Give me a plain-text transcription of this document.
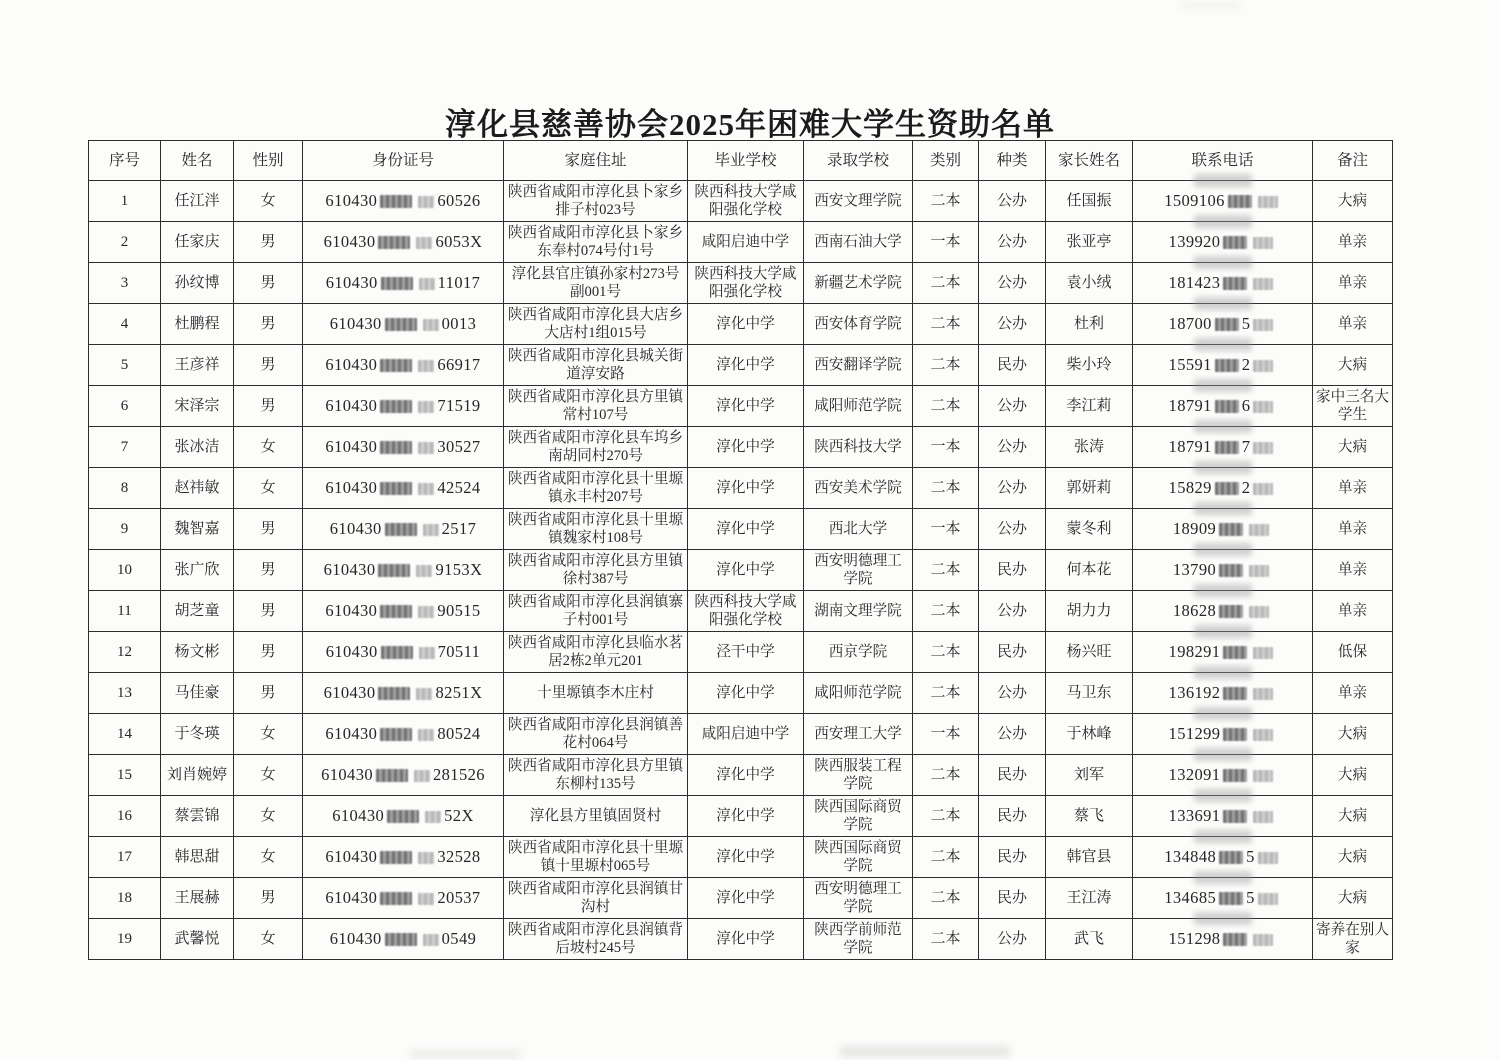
淳化县慈善协会2025年困难大学生资助名单
序号	姓名	性别	身份证号	家庭住址	毕业学校	录取学校	类别	种类	家长姓名	联系电话	备注
1	任江泮	女	610430 60526	陕西省咸阳市淳化县卜家乡排子村023号	陕西科技大学咸阳强化学校	西安文理学院	二本	公办	任国振	1509106	大病
2	任家庆	男	610430 6053X	陕西省咸阳市淳化县卜家乡东奉村074号付1号	咸阳启迪中学	西南石油大学	一本	公办	张亚亭	139920	单亲
3	孙纹博	男	610430 11017	淳化县官庄镇孙家村273号副001号	陕西科技大学咸阳强化学校	新疆艺术学院	二本	公办	袁小绒	181423	单亲
4	杜鹏程	男	610430 0013	陕西省咸阳市淳化县大店乡大店村1组015号	淳化中学	西安体育学院	二本	公办	杜利	18700 5	单亲
5	王彦祥	男	610430 66917	陕西省咸阳市淳化县城关街道淳安路	淳化中学	西安翻译学院	二本	民办	柴小玲	15591 2	大病
6	宋泽宗	男	610430 71519	陕西省咸阳市淳化县方里镇常村107号	淳化中学	咸阳师范学院	二本	公办	李江莉	18791 6	家中三名大学生
7	张冰洁	女	610430 30527	陕西省咸阳市淳化县车坞乡南胡同村270号	淳化中学	陕西科技大学	一本	公办	张涛	18791 7	大病
8	赵祎敏	女	610430 42524	陕西省咸阳市淳化县十里塬镇永丰村207号	淳化中学	西安美术学院	二本	公办	郭妍莉	15829 2	单亲
9	魏智嘉	男	610430 2517	陕西省咸阳市淳化县十里塬镇魏家村108号	淳化中学	西北大学	一本	公办	蒙冬利	18909	单亲
10	张广欣	男	610430 9153X	陕西省咸阳市淳化县方里镇徐村387号	淳化中学	西安明德理工学院	二本	民办	何本花	13790	单亲
11	胡芝童	男	610430 90515	陕西省咸阳市淳化县润镇寨子村001号	陕西科技大学咸阳强化学校	湖南文理学院	二本	公办	胡力力	18628	单亲
12	杨文彬	男	610430 70511	陕西省咸阳市淳化县临水茗居2栋2单元201	泾干中学	西京学院	二本	民办	杨兴旺	198291	低保
13	马佳豪	男	610430 8251X	十里塬镇李木庄村	淳化中学	咸阳师范学院	二本	公办	马卫东	136192	单亲
14	于冬瑛	女	610430 80524	陕西省咸阳市淳化县润镇善花村064号	咸阳启迪中学	西安理工大学	一本	公办	于林峰	151299	大病
15	刘肖婉婷	女	610430 281526	陕西省咸阳市淳化县方里镇东柳村135号	淳化中学	陕西服装工程学院	二本	民办	刘军	132091	大病
16	蔡雲锦	女	610430 52X	淳化县方里镇固贤村	淳化中学	陕西国际商贸学院	二本	民办	蔡飞	133691	大病
17	韩思甜	女	610430 32528	陕西省咸阳市淳化县十里塬镇十里塬村065号	淳化中学	陕西国际商贸学院	二本	民办	韩官县	134848 5	大病
18	王展赫	男	610430 20537	陕西省咸阳市淳化县润镇甘沟村	淳化中学	西安明德理工学院	二本	民办	王江涛	134685 5	大病
19	武馨悦	女	610430 0549	陕西省咸阳市淳化县润镇背后坡村245号	淳化中学	陕西学前师范学院	二本	公办	武飞	151298	寄养在别人家
